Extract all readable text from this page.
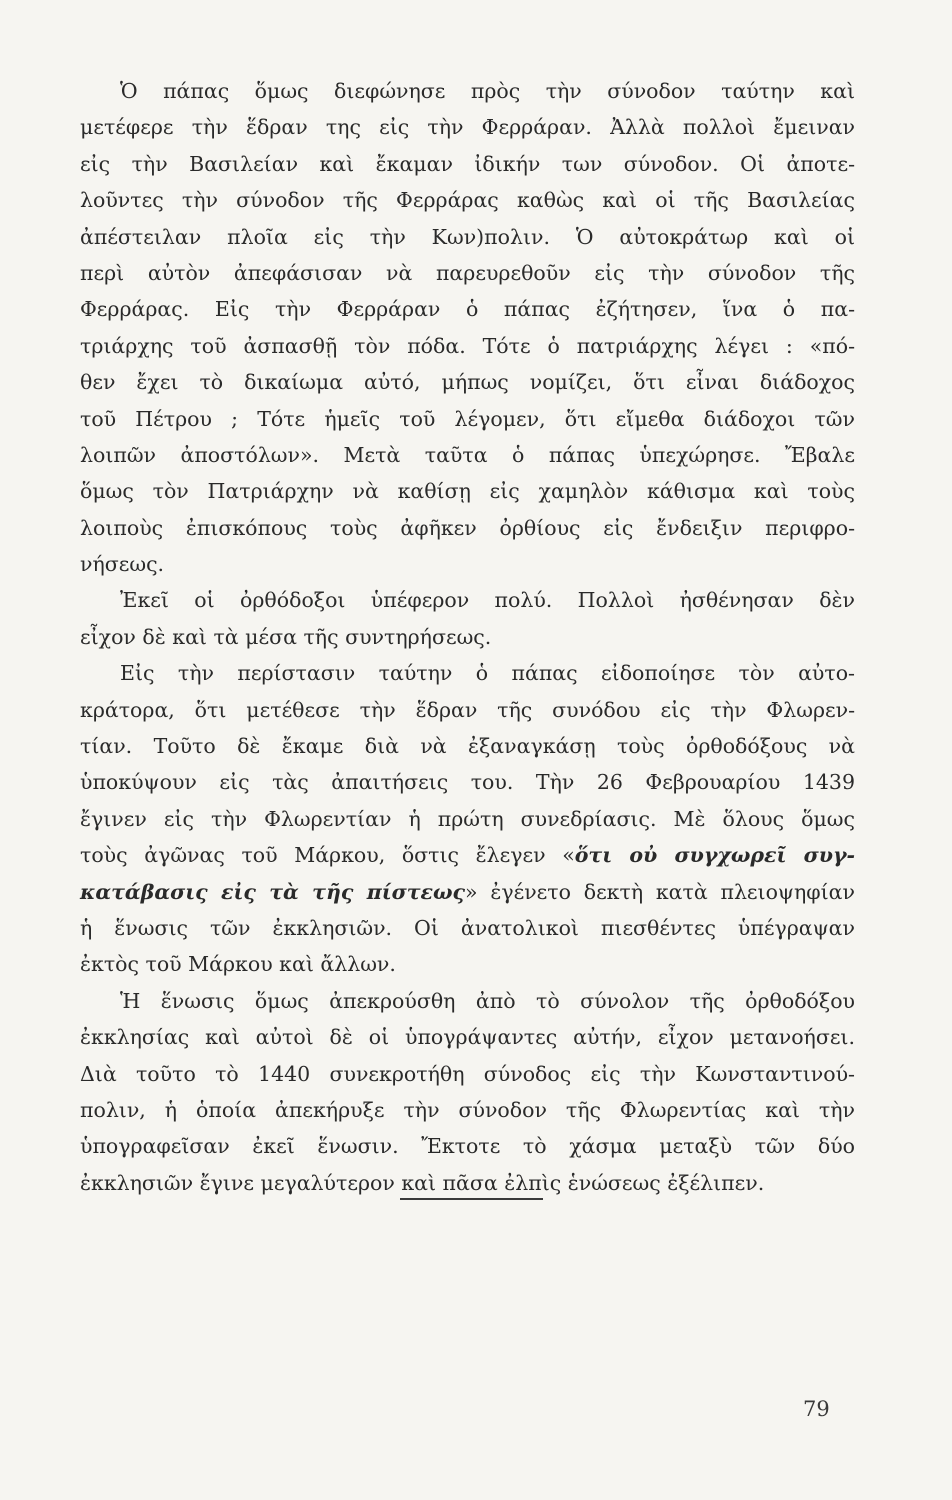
Ὁ πάπας ὅμως διεφώνησε πρὸς τὴν σύνοδον ταύτην καὶ
μετέφερε τὴν ἕδραν της εἰς τὴν Φερράραν. Ἀλλὰ πολλοὶ ἔμειναν
εἰς τὴν Βασιλείαν καὶ ἔκαμαν ἰδικήν των σύνοδον. Οἱ ἀποτε-
λοῦντες τὴν σύνοδον τῆς Φερράρας καθὼς καὶ οἱ τῆς Βασιλείας
ἀπέστειλαν πλοῖα εἰς τὴν Κων)πολιν. Ὁ αὐτοκράτωρ καὶ οἱ
περὶ αὐτὸν ἀπεφάσισαν νὰ παρευρεθοῦν εἰς τὴν σύνοδον τῆς
Φερράρας. Εἰς τὴν Φερράραν ὁ πάπας ἐζήτησεν, ἵνα ὁ πα-
τριάρχης τοῦ ἀσπασθῇ τὸν πόδα. Τότε ὁ πατριάρχης λέγει : «πό-
θεν ἔχει τὸ δικαίωμα αὐτό, μήπως νομίζει, ὅτι εἶναι διάδοχος
τοῦ Πέτρου ; Τότε ἡμεῖς τοῦ λέγομεν, ὅτι εἴμεθα διάδοχοι τῶν
λοιπῶν ἀποστόλων». Μετὰ ταῦτα ὁ πάπας ὑπεχώρησε. Ἔβαλε
ὅμως τὸν Πατριάρχην νὰ καθίσῃ εἰς χαμηλὸν κάθισμα καὶ τοὺς
λοιποὺς ἐπισκόπους τοὺς ἀφῆκεν ὀρθίους εἰς ἔνδειξιν περιφρο-
νήσεως.
Ἐκεῖ οἱ ὀρθόδοξοι ὑπέφερον πολύ. Πολλοὶ ἠσθένησαν δὲν
εἶχον δὲ καὶ τὰ μέσα τῆς συντηρήσεως.
Εἰς τὴν περίστασιν ταύτην ὁ πάπας εἰδοποίησε τὸν αὐτο-
κράτορα, ὅτι μετέθεσε τὴν ἕδραν τῆς συνόδου εἰς τὴν Φλωρεν-
τίαν. Τοῦτο δὲ ἔκαμε διὰ νὰ ἐξαναγκάσῃ τοὺς ὀρθοδόξους νὰ
ὑποκύψουν εἰς τὰς ἀπαιτήσεις του. Τὴν 26 Φεβρουαρίου 1439
ἔγινεν εἰς τὴν Φλωρεντίαν ἡ πρώτη συνεδρίασις. Μὲ ὅλους ὅμως
τοὺς ἀγῶνας τοῦ Μάρκου, ὅστις ἔλεγεν «ὅτι οὐ συγχωρεῖ συγ-
κατάβασις εἰς τὰ τῆς πίστεως» ἐγένετο δεκτὴ κατὰ πλειοψηφίαν
ἡ ἕνωσις τῶν ἐκκλησιῶν. Οἱ ἀνατολικοὶ πιεσθέντες ὑπέγραψαν
ἐκτὸς τοῦ Μάρκου καὶ ἄλλων.
Ἡ ἕνωσις ὅμως ἀπεκρούσθη ἀπὸ τὸ σύνολον τῆς ὀρθοδόξου
ἐκκλησίας καὶ αὐτοὶ δὲ οἱ ὑπογράψαντες αὐτήν, εἶχον μετανοήσει.
Διὰ τοῦτο τὸ 1440 συνεκροτήθη σύνοδος εἰς τὴν Κωνσταντινού-
πολιν, ἡ ὁποία ἀπεκήρυξε τὴν σύνοδον τῆς Φλωρεντίας καὶ τὴν
ὑπογραφεῖσαν ἐκεῖ ἕνωσιν. Ἔκτοτε τὸ χάσμα μεταξὺ τῶν δύο
ἐκκλησιῶν ἔγινε μεγαλύτερον καὶ πᾶσα ἐλπὶς ἑνώσεως ἐξέλιπεν.
79
